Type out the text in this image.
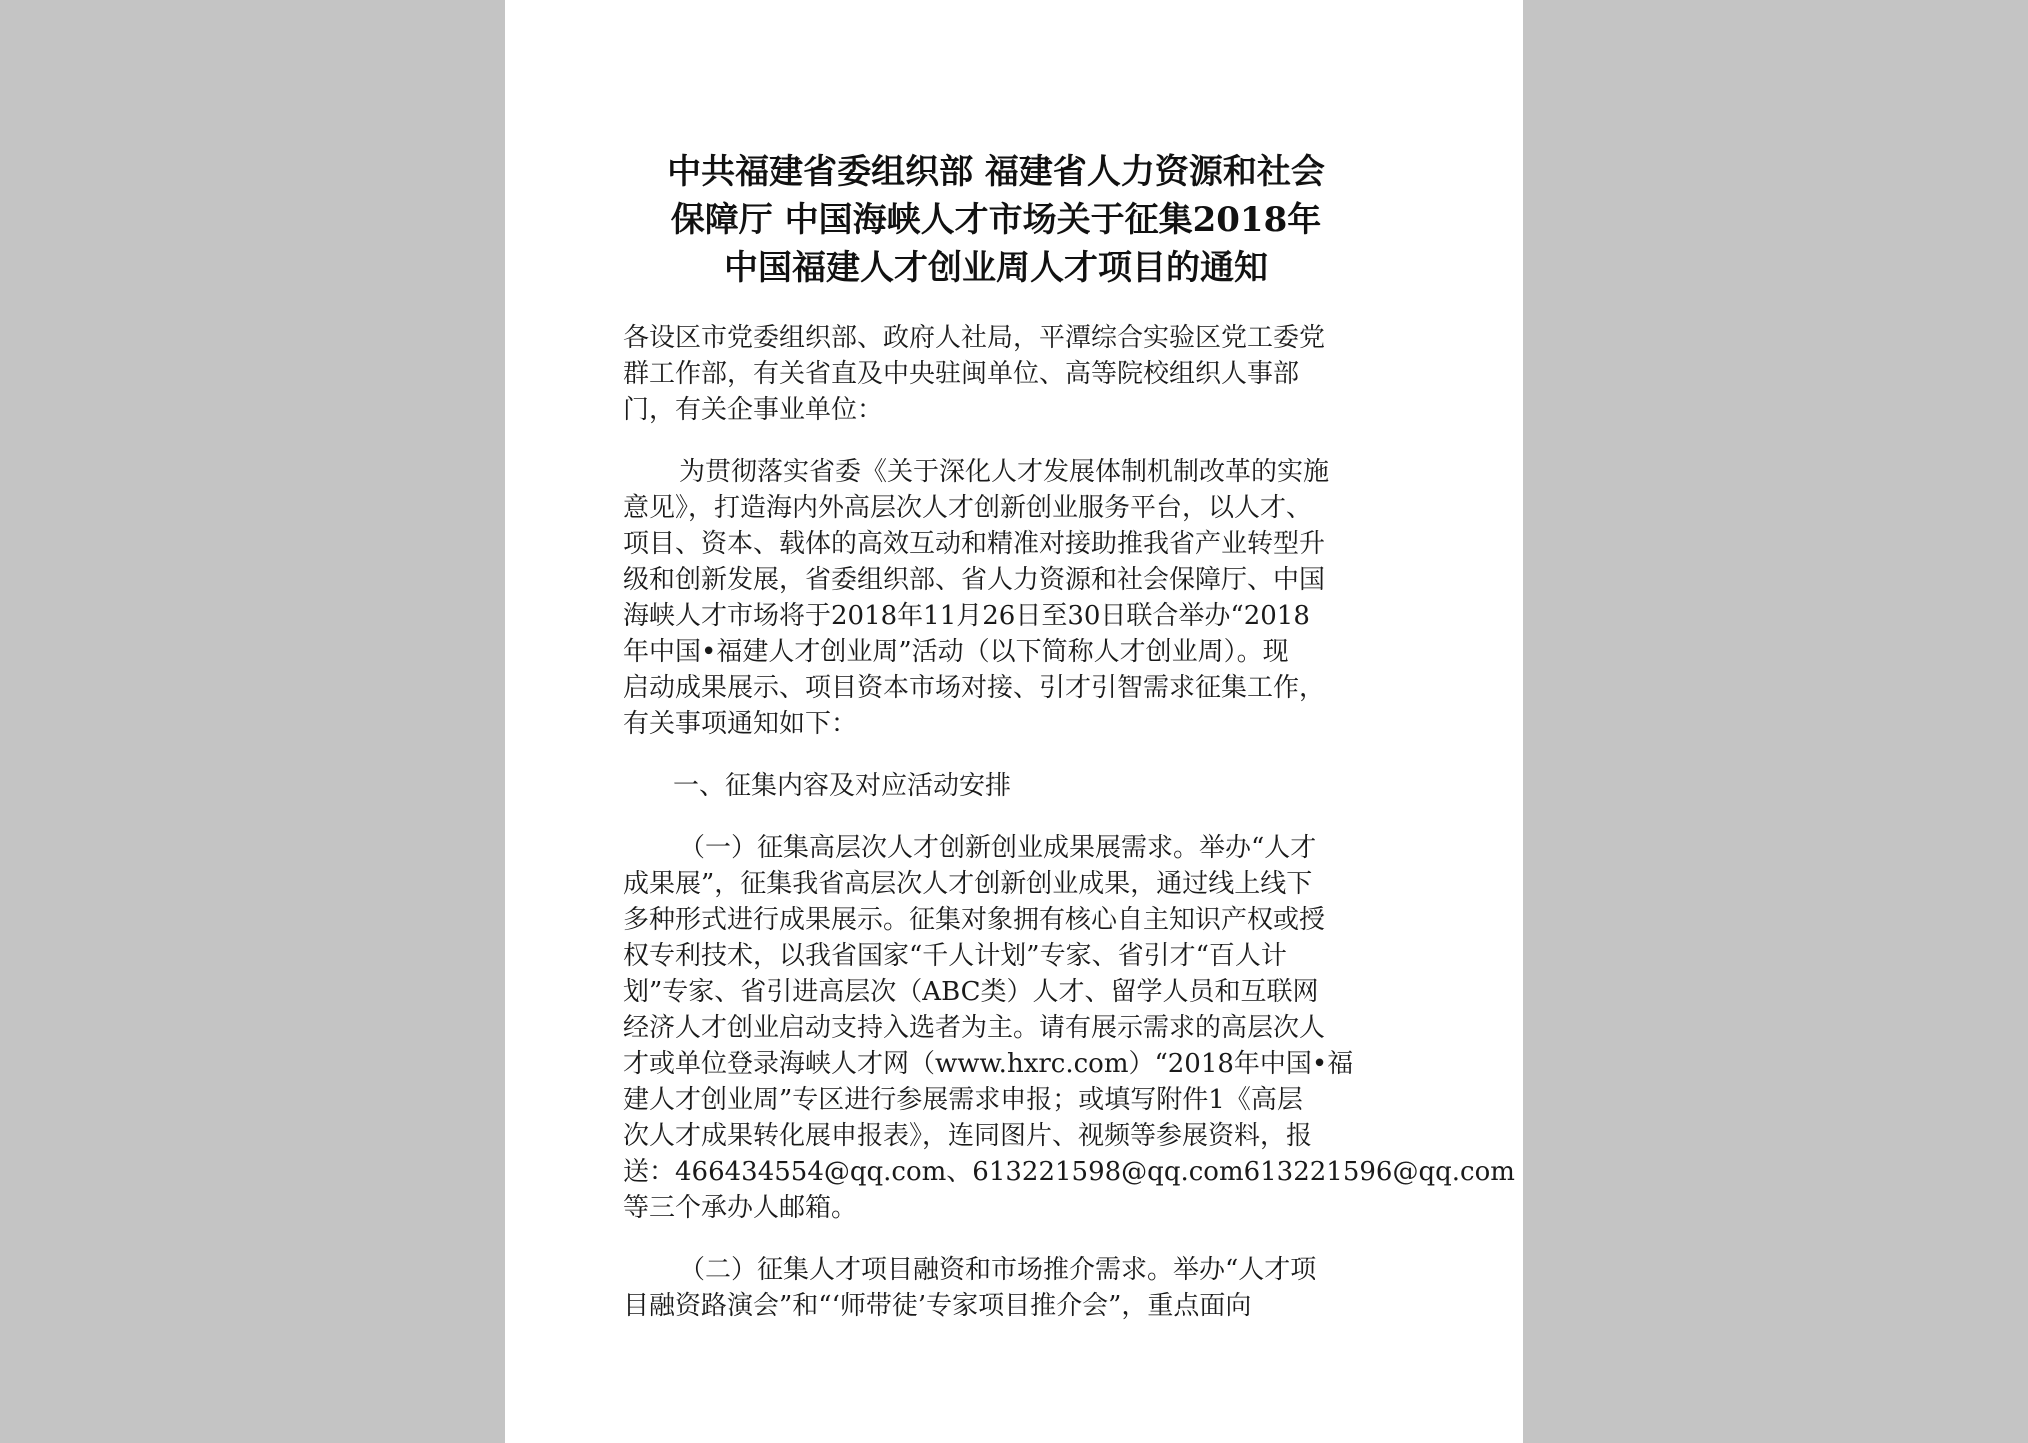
中共福建省委组织部 福建省人力资源和社会
保障厅 中国海峡人才市场关于征集2018年
中国福建人才创业周人才项目的通知
各设区市党委组织部、政府人社局，平潭综合实验区党工委党
群工作部，有关省直及中央驻闽单位、高等院校组织人事部
门，有关企事业单位：
为贯彻落实省委《关于深化人才发展体制机制改革的实施
意见》，打造海内外高层次人才创新创业服务平台，以人才、
项目、资本、载体的高效互动和精准对接助推我省产业转型升
级和创新发展，省委组织部、省人力资源和社会保障厅、中国
海峡人才市场将于2018年11月26日至30日联合举办“2018
年中国•福建人才创业周”活动（以下简称人才创业周）。现
启动成果展示、项目资本市场对接、引才引智需求征集工作，
有关事项通知如下：
一、征集内容及对应活动安排
（一）征集高层次人才创新创业成果展需求。举办“人才
成果展”，征集我省高层次人才创新创业成果，通过线上线下
多种形式进行成果展示。征集对象拥有核心自主知识产权或授
权专利技术，以我省国家“千人计划”专家、省引才“百人计
划”专家、省引进高层次（ABC类）人才、留学人员和互联网
经济人才创业启动支持入选者为主。请有展示需求的高层次人
才或单位登录海峡人才网（www.hxrc.com）“2018年中国•福
建人才创业周”专区进行参展需求申报；或填写附件1《高层
次人才成果转化展申报表》，连同图片、视频等参展资料，报
送：466434554@qq.com、613221598@qq.com613221596@qq.com
等三个承办人邮箱。
（二）征集人才项目融资和市场推介需求。举办“人才项
目融资路演会”和“‘师带徒’专家项目推介会”，重点面向
